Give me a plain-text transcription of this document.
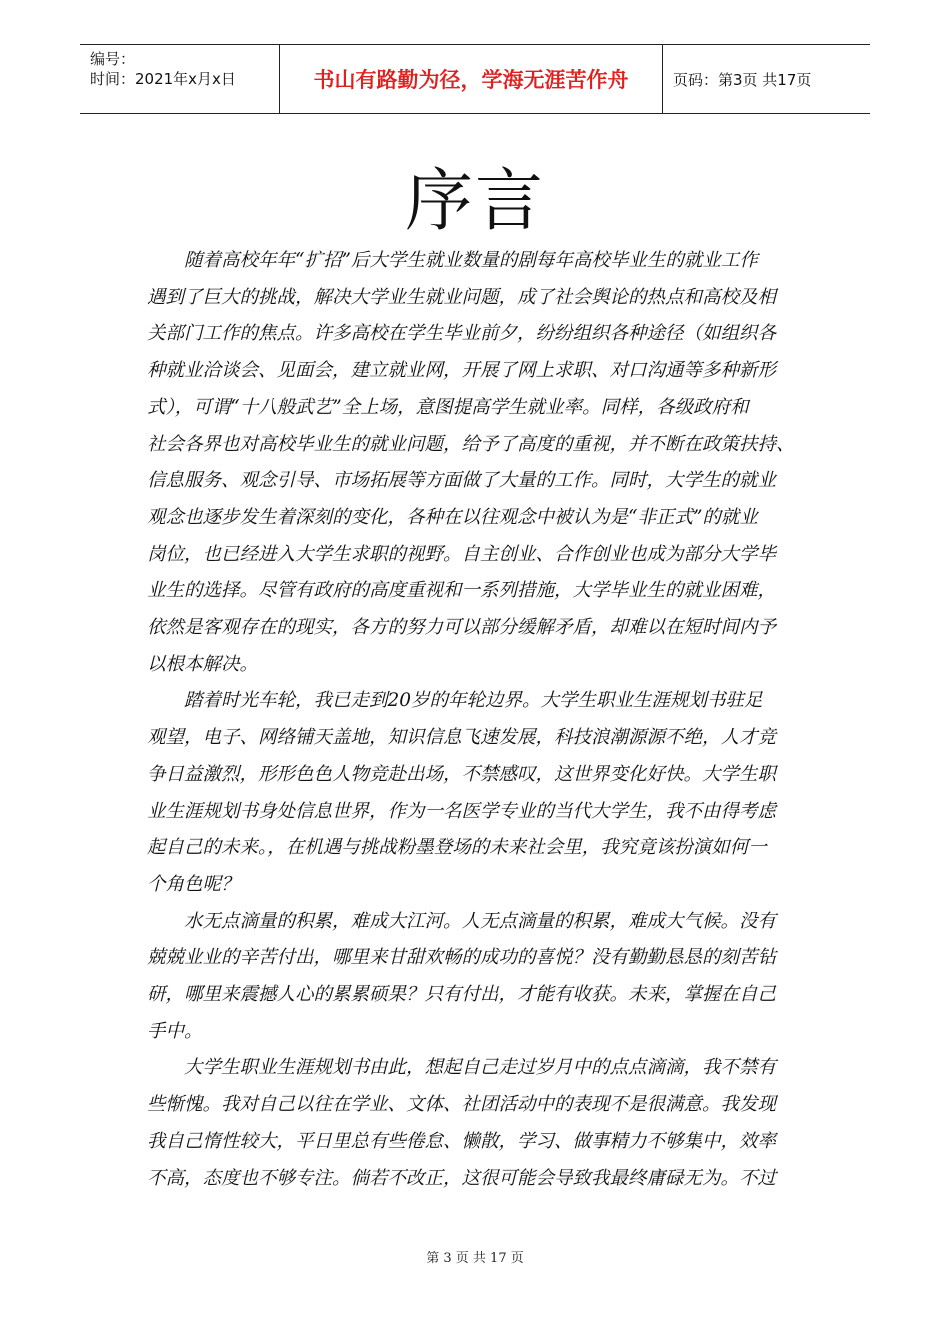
编号：
时间：2021年x月x日	书山有路勤为径，学海无涯苦作舟	页码：第3页 共17页
序言

随着高校年年“扩招”后大学生就业数量的剧每年高校毕业生的就业工作
遇到了巨大的挑战，解决大学业生就业问题，成了社会舆论的热点和高校及相
关部门工作的焦点。许多高校在学生毕业前夕，纷纷组织各种途径（如组织各
种就业洽谈会、见面会，建立就业网，开展了网上求职、对口沟通等多种新形
式），可谓“十八般武艺”全上场，意图提高学生就业率。同样，各级政府和
社会各界也对高校毕业生的就业问题，给予了高度的重视，并不断在政策扶持、
信息服务、观念引导、市场拓展等方面做了大量的工作。同时，大学生的就业
观念也逐步发生着深刻的变化，各种在以往观念中被认为是“非正式”的就业
岗位，也已经进入大学生求职的视野。自主创业、合作创业也成为部分大学毕
业生的选择。尽管有政府的高度重视和一系列措施，大学毕业生的就业困难，
依然是客观存在的现实，各方的努力可以部分缓解矛盾，却难以在短时间内予
以根本解决。

踏着时光车轮，我已走到20岁的年轮边界。大学生职业生涯规划书驻足
观望，电子、网络铺天盖地，知识信息飞速发展，科技浪潮源源不绝，人才竞
争日益激烈，形形色色人物竞赴出场，不禁感叹，这世界变化好快。大学生职
业生涯规划书身处信息世界，作为一名医学专业的当代大学生，我不由得考虑
起自己的未来。，在机遇与挑战粉墨登场的未来社会里，我究竟该扮演如何一
个角色呢？

水无点滴量的积累，难成大江河。人无点滴量的积累，难成大气候。没有
兢兢业业的辛苦付出，哪里来甘甜欢畅的成功的喜悦？没有勤勤恳恳的刻苦钻
研，哪里来震撼人心的累累硕果？只有付出，才能有收获。未来，掌握在自己
手中。

大学生职业生涯规划书由此，想起自己走过岁月中的点点滴滴，我不禁有
些惭愧。我对自己以往在学业、文体、社团活动中的表现不是很满意。我发现
我自己惰性较大，平日里总有些倦怠、懒散，学习、做事精力不够集中，效率
不高，态度也不够专注。倘若不改正，这很可能会导致我最终庸碌无为。不过

第 3 页 共 17 页
